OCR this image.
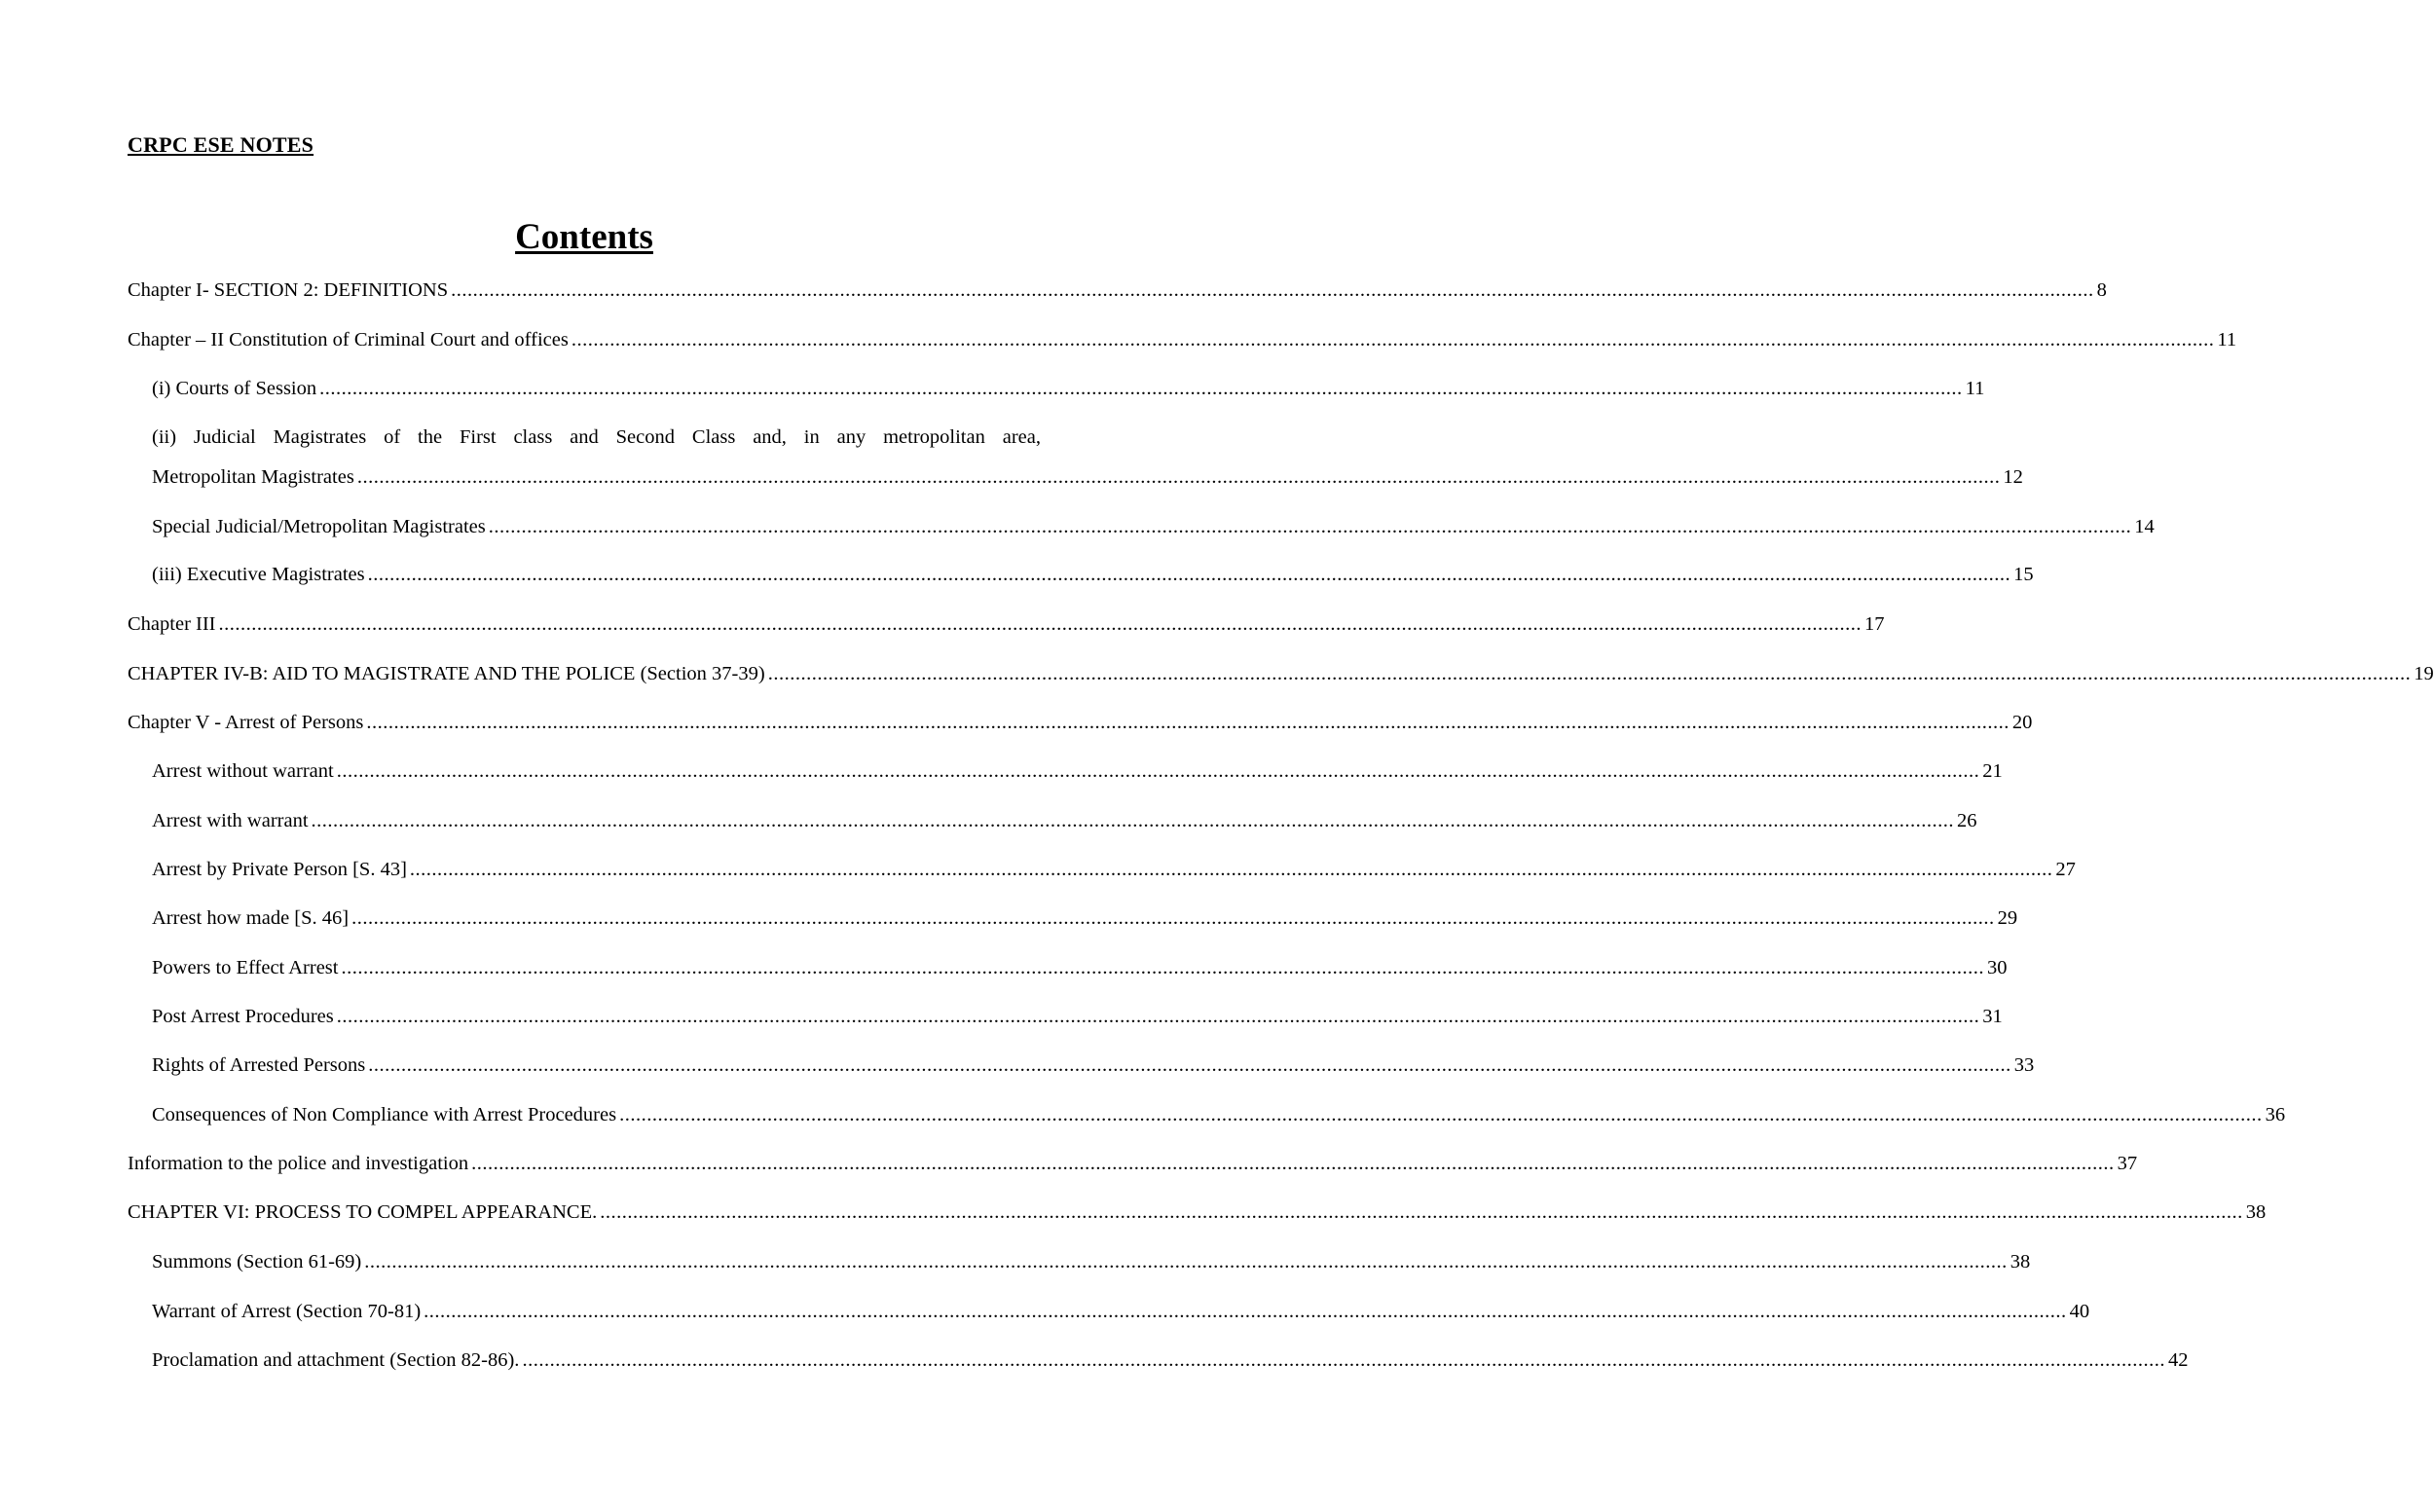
CRPC ESE NOTES
Contents
Chapter I- SECTION 2: DEFINITIONS ............................................................................................................................................................................................................................................................................................................ 8
Chapter – II Constitution of Criminal Court and offices ............................................................................................................................................................................................................................................................................................................ 11
(i) Courts of Session ............................................................................................................................................................................................................................................................................................................ 11
(ii) Judicial Magistrates of the First class and Second Class and, in any metropolitan area,
Metropolitan Magistrates ............................................................................................................................................................................................................................................................................................................ 12
Special Judicial/Metropolitan Magistrates ............................................................................................................................................................................................................................................................................................................ 14
(iii) Executive Magistrates ............................................................................................................................................................................................................................................................................................................ 15
Chapter III ............................................................................................................................................................................................................................................................................................................ 17
CHAPTER IV-B: AID TO MAGISTRATE AND THE POLICE (Section 37-39) ............................................................................................................................................................................................................................................................................................................ 19
Chapter V - Arrest of Persons ............................................................................................................................................................................................................................................................................................................ 20
Arrest without warrant ............................................................................................................................................................................................................................................................................................................ 21
Arrest with warrant ............................................................................................................................................................................................................................................................................................................ 26
Arrest by Private Person [S. 43] ............................................................................................................................................................................................................................................................................................................ 27
Arrest how made [S. 46] ............................................................................................................................................................................................................................................................................................................ 29
Powers to Effect Arrest ............................................................................................................................................................................................................................................................................................................ 30
Post Arrest Procedures ............................................................................................................................................................................................................................................................................................................ 31
Rights of Arrested Persons ............................................................................................................................................................................................................................................................................................................ 33
Consequences of Non Compliance with Arrest Procedures ............................................................................................................................................................................................................................................................................................................ 36
Information to the police and investigation ............................................................................................................................................................................................................................................................................................................ 37
CHAPTER VI: PROCESS TO COMPEL APPEARANCE. ............................................................................................................................................................................................................................................................................................................ 38
Summons (Section 61-69) ............................................................................................................................................................................................................................................................................................................ 38
Warrant of Arrest (Section 70-81) ............................................................................................................................................................................................................................................................................................................ 40
Proclamation and attachment (Section 82-86). ............................................................................................................................................................................................................................................................................................................ 42
